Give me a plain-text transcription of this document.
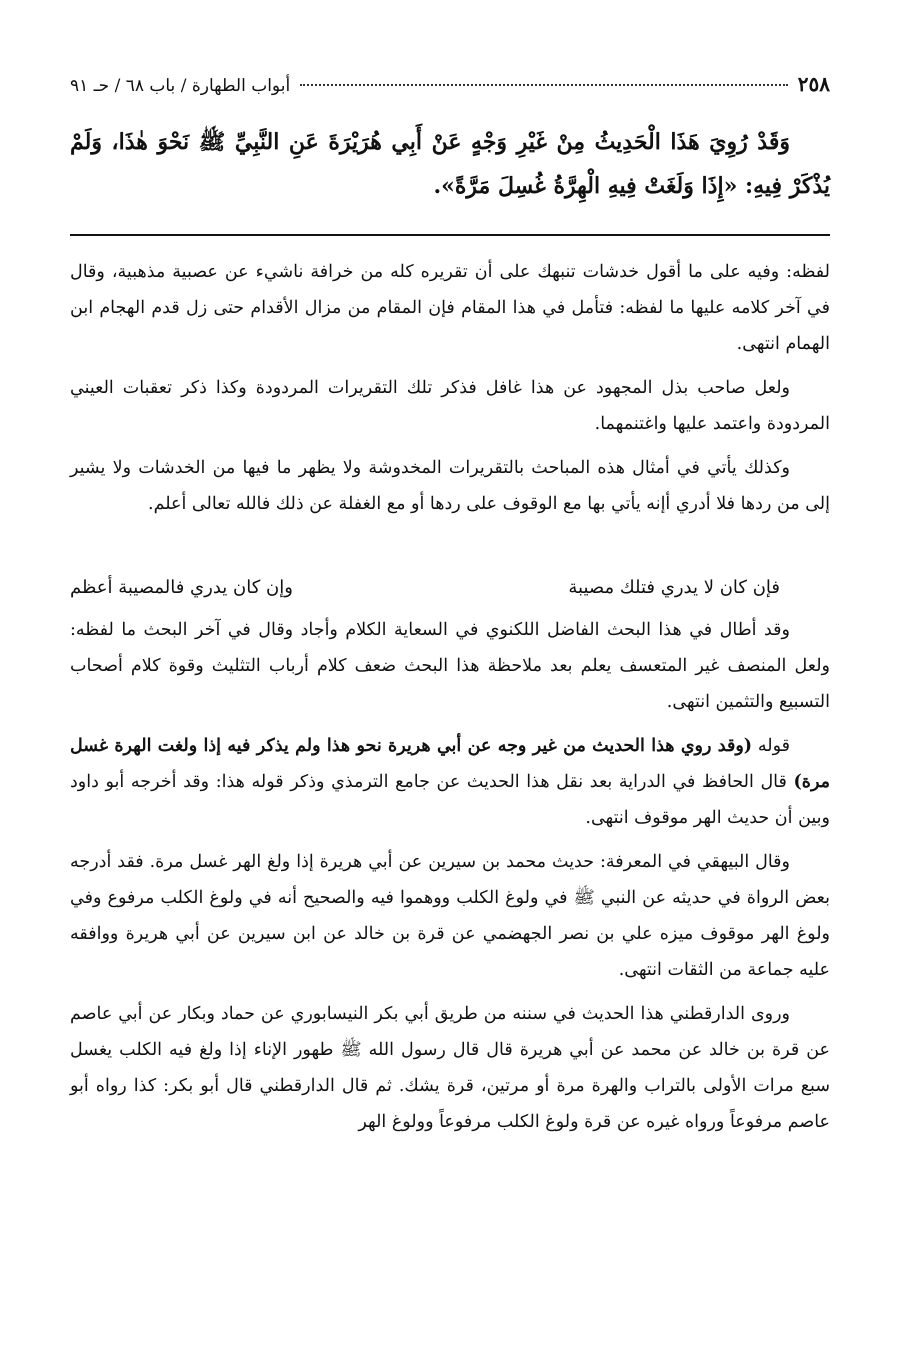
٢٥٨
أبواب الطهارة / باب ٦٨ / حـ ٩١

وَقَدْ رُوِيَ هَذَا الْحَدِيثُ مِنْ غَيْرِ وَجْهٍ عَنْ أَبِي هُرَيْرَةَ عَنِ النَّبِيِّ ﷺ نَحْوَ هٰذَا، وَلَمْ يُذْكَرْ فِيهِ: «إِذَا وَلَغَتْ فِيهِ الْهِرَّةُ غُسِلَ مَرَّةً».

لفظه: وفيه على ما أقول خدشات تنبهك على أن تقريره كله من خرافة ناشيء عن عصبية مذهبية، وقال في آخر كلامه عليها ما لفظه: فتأمل في هذا المقام فإن المقام من مزال الأقدام حتى زل قدم الهجام ابن الهمام انتهى.

ولعل صاحب بذل المجهود عن هذا غافل فذكر تلك التقريرات المردودة وكذا ذكر تعقبات العيني المردودة واعتمد عليها واغتنمهما.

وكذلك يأتي في أمثال هذه المباحث بالتقريرات المخدوشة ولا يظهر ما فيها من الخدشات ولا يشير إلى من ردها فلا أدري أإنه يأتي بها مع الوقوف على ردها أو مع الغفلة عن ذلك فالله تعالى أعلم.

فإن كان لا يدري فتلك مصيبة
وإن كان يدري فالمصيبة أعظم

وقد أطال في هذا البحث الفاضل اللكنوي في السعاية الكلام وأجاد وقال في آخر البحث ما لفظه: ولعل المنصف غير المتعسف يعلم بعد ملاحظة هذا البحث ضعف كلام أرباب التثليث وقوة كلام أصحاب التسبيع والتثمين انتهى.

قوله (وقد روي هذا الحديث من غير وجه عن أبي هريرة نحو هذا ولم يذكر فيه إذا ولغت الهرة غسل مرة) قال الحافظ في الدراية بعد نقل هذا الحديث عن جامع الترمذي وذكر قوله هذا: وقد أخرجه أبو داود وبين أن حديث الهر موقوف انتهى.

وقال البيهقي في المعرفة: حديث محمد بن سيرين عن أبي هريرة إذا ولغ الهر غسل مرة. فقد أدرجه بعض الرواة في حديثه عن النبي ﷺ في ولوغ الكلب ووهموا فيه والصحيح أنه في ولوغ الكلب مرفوع وفي ولوغ الهر موقوف ميزه علي بن نصر الجهضمي عن قرة بن خالد عن ابن سيرين عن أبي هريرة ووافقه عليه جماعة من الثقات انتهى.

وروى الدارقطني هذا الحديث في سننه من طريق أبي بكر النيسابوري عن حماد وبكار عن أبي عاصم عن قرة بن خالد عن محمد عن أبي هريرة قال قال رسول الله ﷺ طهور الإناء إذا ولغ فيه الكلب يغسل سبع مرات الأولى بالتراب والهرة مرة أو مرتين، قرة يشك. ثم قال الدارقطني قال أبو بكر: كذا رواه أبو عاصم مرفوعاً ورواه غيره عن قرة ولوغ الكلب مرفوعاً وولوغ الهر
